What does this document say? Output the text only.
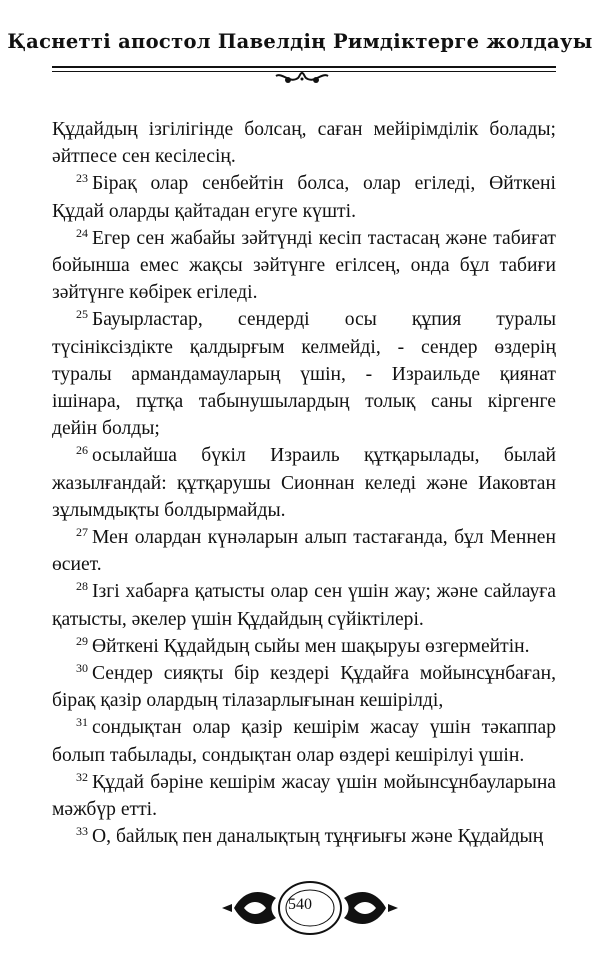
Қаснетті апостол Павелдің Римдіктерге жолдауы
Құдайдың ізгілігінде болсаң, саған мейірімділік болады;
әйтпесе сен кесілесің.
$^{23}$ Бірақ олар сенбейтін болса, олар егіледі, Өйткені
Құдай оларды қайтадан егуге күшті.
$^{24}$ Егер сен жабайы зәйтүнді кесіп тастасаң және табиғат
бойынша емес жақсы зәйтүнге егілсең, онда бұл табиғи
зәйтүнге көбірек егіледі.
$^{25}$ Бауырластар, сендерді осы құпия туралы
түсініксіздікте қалдырғым келмейді, - сендер өздерің
туралы армандамауларың үшін, - Израильде қиянат
ішінара, пұтқа табынушылардың толық саны кіргенге
дейін болды;
$^{26}$ осылайша бүкіл Израиль құтқарылады, былай
жазылғандай: құтқарушы Сионнан келеді және Иаковтан
зұлымдықты болдырмайды.
$^{27}$ Мен олардан күнәларын алып тастағанда, бұл Меннен
өсиет.
$^{28}$ Ізгі хабарға қатысты олар сен үшін жау; және сайлауға
қатысты, әкелер үшін Құдайдың сүйіктілері.
$^{29}$ Өйткені Құдайдың сыйы мен шақыруы өзгермейтін.
$^{30}$ Сендер сияқты бір кездері Құдайға мойынсұнбаған,
бірақ қазір олардың тілазарлығынан кешірілді,
$^{31}$ сондықтан олар қазір кешірім жасау үшін тәкаппар
болып табылады, сондықтан олар өздері кешірілуі үшін.
$^{32}$ Құдай бәріне кешірім жасау үшін мойынсұнбауларына
мәжбүр етті.
$^{33}$ О, байлық пен даналықтың тұңғиығы және Құдайдың
540
